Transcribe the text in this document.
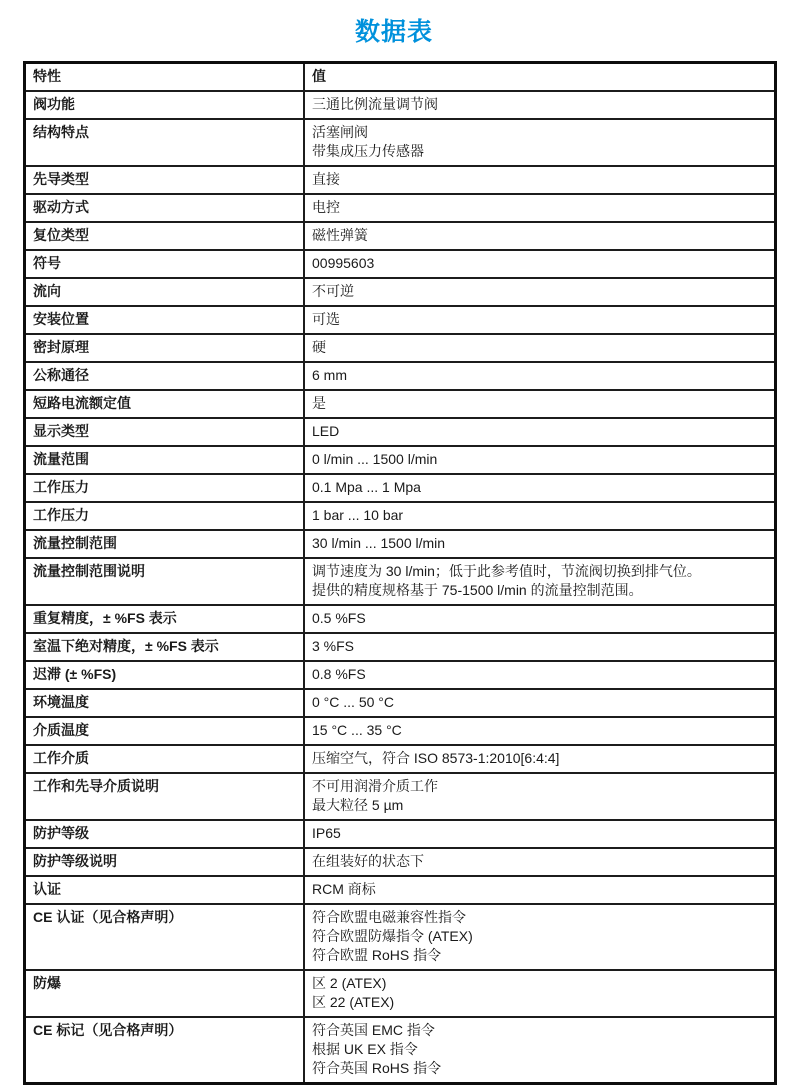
数据表
特性	值
阀功能	三通比例流量调节阀

结构特点	活塞闸阀
带集成压力传感器

先导类型	直接

驱动方式	电控

复位类型	磁性弹簧

符号	00995603

流向	不可逆

安装位置	可选

密封原理	硬

公称通径	6 mm

短路电流额定值	是

显示类型	LED

流量范围	0 l/min ... 1500 l/min

工作压力	0.1 Mpa ... 1 Mpa

工作压力	1 bar ... 10 bar

流量控制范围	30 l/min ... 1500 l/min

流量控制范围说明	调节速度为 30 l/min；低于此参考值时，节流阀切换到排气位。
提供的精度规格基于 75-1500 l/min 的流量控制范围。

重复精度，± %FS 表示	0.5 %FS

室温下绝对精度，± %FS 表示	3 %FS

迟滞 (± %FS)	0.8 %FS

环境温度	0 °C ... 50 °C

介质温度	15 °C ... 35 °C

工作介质	压缩空气，符合 ISO 8573-1:2010[6:4:4]

工作和先导介质说明	不可用润滑介质工作
最大粒径 5 µm

防护等级	IP65

防护等级说明	在组装好的状态下

认证	RCM 商标

CE 认证（见合格声明）	符合欧盟电磁兼容性指令
符合欧盟防爆指令 (ATEX)
符合欧盟 RoHS 指令

防爆	区 2 (ATEX)
区 22 (ATEX)

CE 标记（见合格声明）	符合英国 EMC 指令
根据 UK EX 指令
符合英国 RoHS 指令
